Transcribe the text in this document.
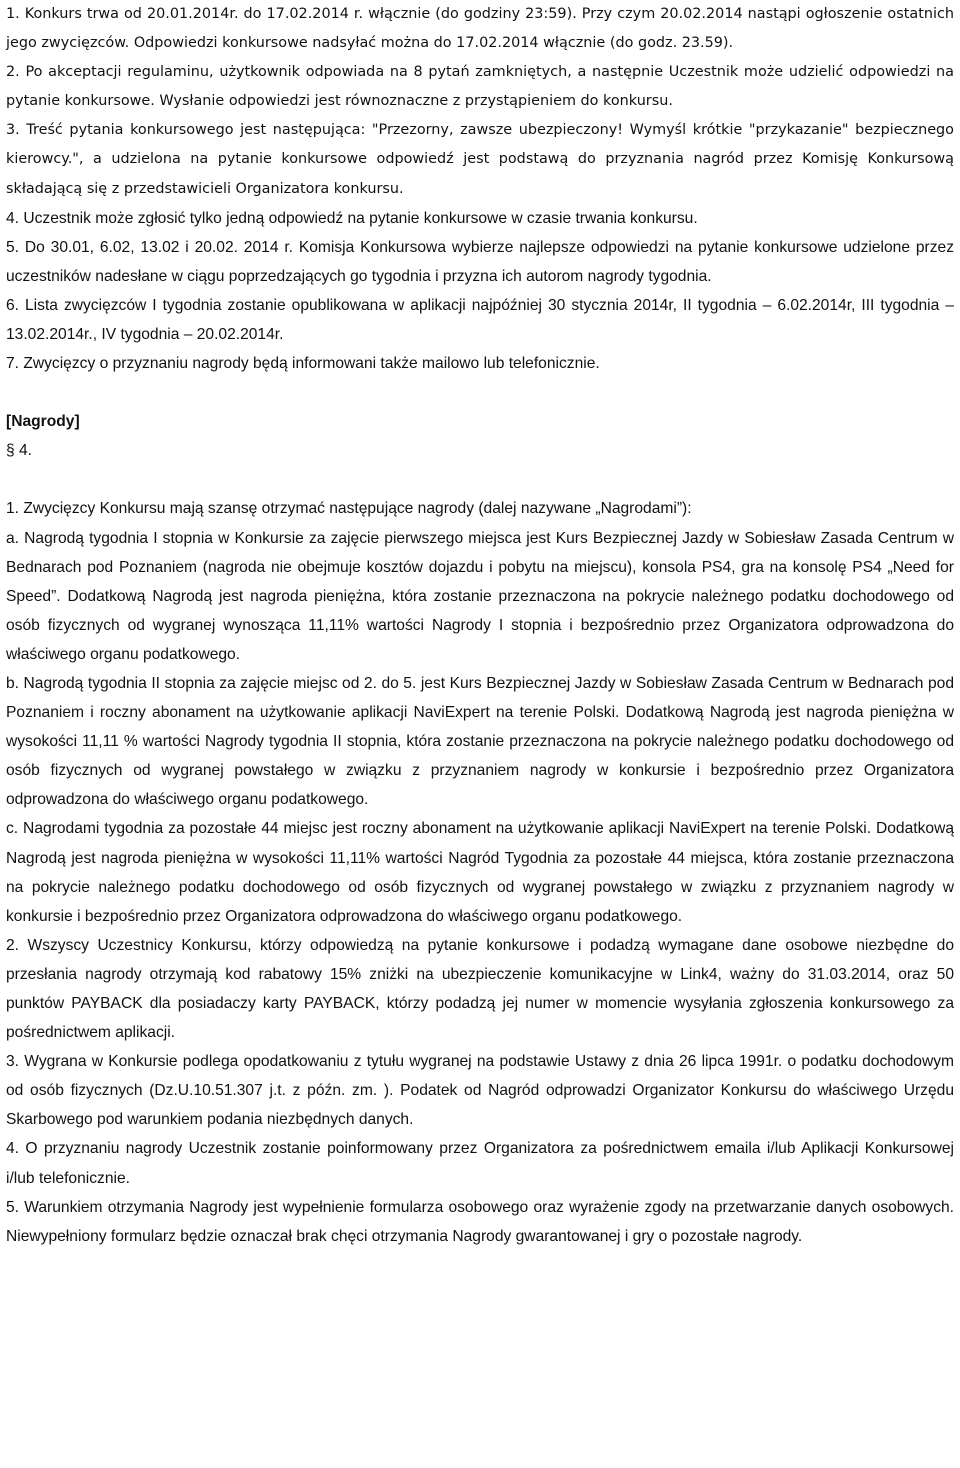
1. Konkurs trwa od 20.01.2014r. do 17.02.2014 r. włącznie (do godziny 23:59). Przy czym 20.02.2014 nastąpi ogłoszenie ostatnich jego zwycięzców. Odpowiedzi konkursowe nadsyłać można do 17.02.2014 włącznie (do godz. 23.59).

2. Po akceptacji regulaminu, użytkownik odpowiada na 8 pytań zamkniętych, a następnie Uczestnik może udzielić odpowiedzi na pytanie konkursowe. Wysłanie odpowiedzi jest równoznaczne z przystąpieniem do konkursu.

3. Treść pytania konkursowego jest następująca: "Przezorny, zawsze ubezpieczony! Wymyśl krótkie "przykazanie" bezpiecznego kierowcy.", a udzielona na pytanie konkursowe odpowiedź jest podstawą do przyznania nagród przez Komisję Konkursową składającą się z przedstawicieli Organizatora konkursu.

4. Uczestnik może zgłosić tylko jedną odpowiedź na pytanie konkursowe w czasie trwania konkursu.

5. Do 30.01, 6.02, 13.02 i 20.02. 2014 r. Komisja Konkursowa wybierze najlepsze odpowiedzi na pytanie konkursowe udzielone przez uczestników nadesłane w ciągu poprzedzających go tygodnia i przyzna ich autorom nagrody tygodnia.

6. Lista zwycięzców I tygodnia zostanie opublikowana w aplikacji najpóźniej 30 stycznia 2014r, II tygodnia – 6.02.2014r, III tygodnia – 13.02.2014r., IV tygodnia – 20.02.2014r.

7. Zwycięzcy o przyznaniu nagrody będą informowani także mailowo lub telefonicznie.

[Nagrody]

§ 4.

1. Zwycięzcy Konkursu mają szansę otrzymać następujące nagrody (dalej nazywane „Nagrodami”):

a. Nagrodą tygodnia I stopnia w Konkursie za zajęcie pierwszego miejsca jest Kurs Bezpiecznej Jazdy w Sobiesław Zasada Centrum w Bednarach pod Poznaniem (nagroda nie obejmuje kosztów dojazdu i pobytu na miejscu), konsola PS4, gra na konsolę PS4 „Need for Speed”. Dodatkową Nagrodą jest nagroda pieniężna, która zostanie przeznaczona na pokrycie należnego podatku dochodowego od osób fizycznych od wygranej wynosząca 11,11% wartości Nagrody I stopnia i bezpośrednio przez Organizatora odprowadzona do właściwego organu podatkowego.

b. Nagrodą tygodnia II stopnia za zajęcie miejsc od 2. do 5. jest Kurs Bezpiecznej Jazdy w Sobiesław Zasada Centrum w Bednarach pod Poznaniem i roczny abonament na użytkowanie aplikacji NaviExpert na terenie Polski. Dodatkową Nagrodą jest nagroda pieniężna w wysokości 11,11 % wartości Nagrody tygodnia II stopnia, która zostanie przeznaczona na pokrycie należnego podatku dochodowego od osób fizycznych od wygranej powstałego w związku z przyznaniem nagrody w konkursie i bezpośrednio przez Organizatora odprowadzona do właściwego organu podatkowego.

c. Nagrodami tygodnia za pozostałe 44 miejsc jest roczny abonament na użytkowanie aplikacji NaviExpert na terenie Polski. Dodatkową Nagrodą jest nagroda pieniężna w wysokości 11,11% wartości Nagród Tygodnia za pozostałe 44 miejsca, która zostanie przeznaczona na pokrycie należnego podatku dochodowego od osób fizycznych od wygranej powstałego w związku z przyznaniem nagrody w konkursie i bezpośrednio przez Organizatora odprowadzona do właściwego organu podatkowego.

2. Wszyscy Uczestnicy Konkursu, którzy odpowiedzą na pytanie konkursowe i podadzą wymagane dane osobowe niezbędne do przesłania nagrody otrzymają kod rabatowy 15% zniżki na ubezpieczenie komunikacyjne w Link4, ważny do 31.03.2014, oraz 50 punktów PAYBACK dla posiadaczy karty PAYBACK, którzy podadzą jej numer w momencie wysyłania zgłoszenia konkursowego za pośrednictwem aplikacji.

3. Wygrana w Konkursie podlega opodatkowaniu z tytułu wygranej na podstawie Ustawy z dnia 26 lipca 1991r. o podatku dochodowym od osób fizycznych (Dz.U.10.51.307 j.t. z późn. zm. ). Podatek od Nagród odprowadzi Organizator Konkursu do właściwego Urzędu Skarbowego pod warunkiem podania niezbędnych danych.

4. O przyznaniu nagrody Uczestnik zostanie poinformowany przez Organizatora za pośrednictwem emaila i/lub Aplikacji Konkursowej i/lub telefonicznie.

5. Warunkiem otrzymania Nagrody jest wypełnienie formularza osobowego oraz wyrażenie zgody na przetwarzanie danych osobowych. Niewypełniony formularz będzie oznaczał brak chęci otrzymania Nagrody gwarantowanej i gry o pozostałe nagrody.
